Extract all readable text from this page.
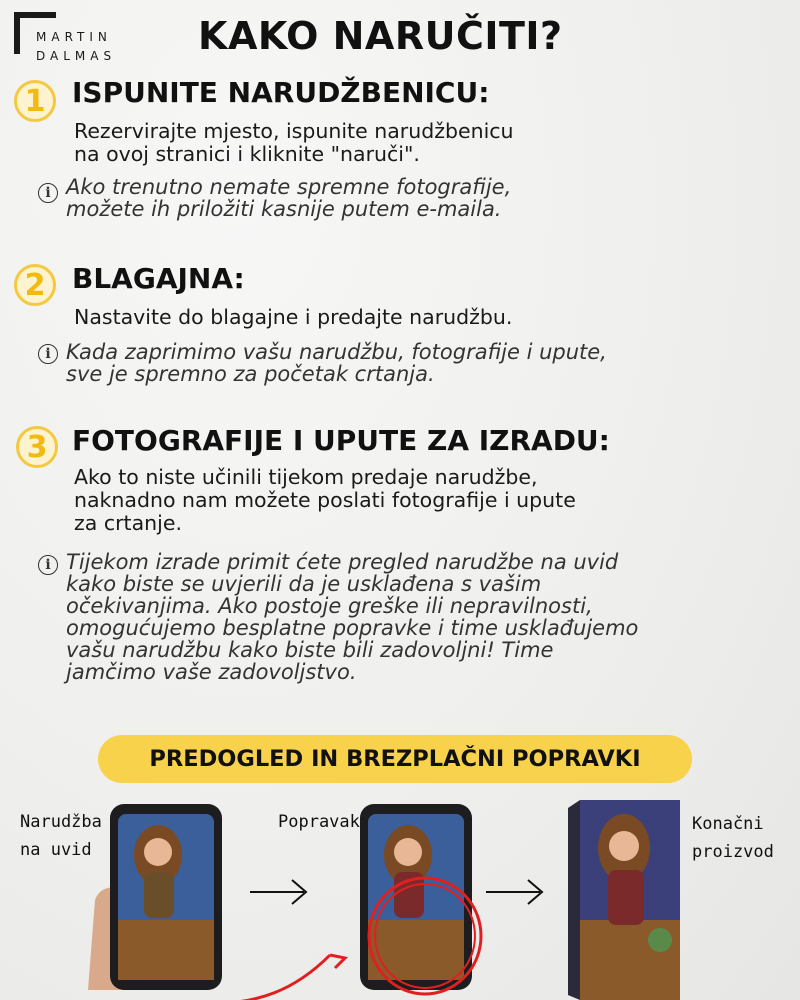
MARTIN
DALMAS KAKO NARUČITI?
1 ISPUNITE NARUDŽBENICU:
Rezervirajte mjesto, ispunite narudžbenicu
na ovoj stranici i kliknite "naruči".
i Ako trenutno nemate spremne fotografije,
možete ih priložiti kasnije putem e-maila.
2 BLAGAJNA:
Nastavite do blagajne i predajte narudžbu.
i Kada zaprimimo vašu narudžbu, fotografije i upute,
sve je spremno za početak crtanja.
3 FOTOGRAFIJE I UPUTE ZA IZRADU:
Ako to niste učinili tijekom predaje narudžbe,
naknadno nam možete poslati fotografije i upute
za crtanje.
i Tijekom izrade primit ćete pregled narudžbe na uvid
kako biste se uvjerili da je usklađena s vašim
očekivanjima. Ako postoje greške ili nepravilnosti,
omogućujemo besplatne popravke i time usklađujemo
vašu narudžbu kako biste bili zadovoljni! Time
jamčimo vaše zadovoljstvo.
PREDOGLED IN BREZPLAČNI POPRAVKI
Narudžba
na uvid
Popravak	Konačni
proizvod
